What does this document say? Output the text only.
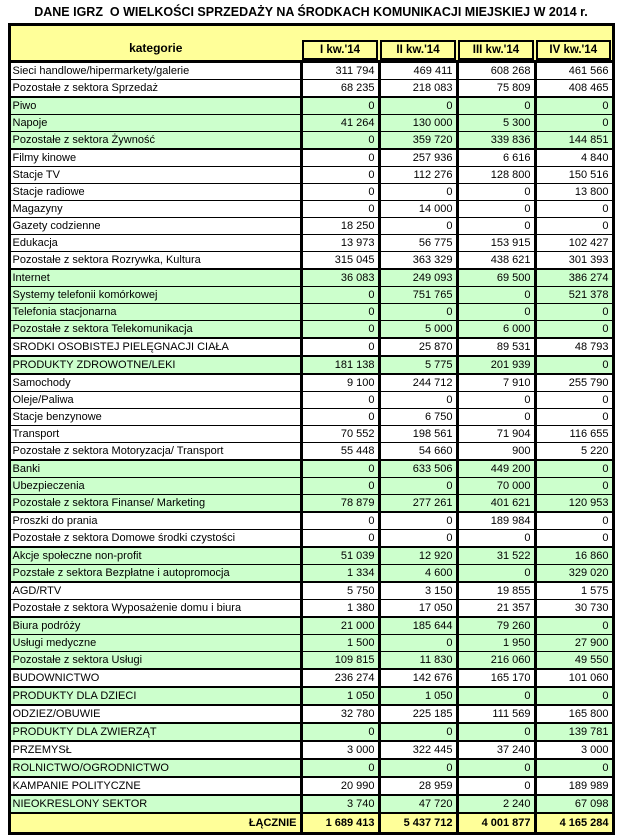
DANE IGRZ  O WIELKOŚCI SPRZEDAŻY NA ŚRODKACH KOMUNIKACJI MIEJSKIEJ W 2014 r.
kategorie	I kw.'14	II kw.'14	III kw.'14	IV kw.'14

Sieci handlowe/hipermarkety/galerie	311 794	469 411	608 268	461 566
Pozostałe z sektora Sprzedaż	68 235	218 083	75 809	408 465
Piwo	0	0	0	0
Napoje	41 264	130 000	5 300	0
Pozostałe z sektora Żywność	0	359 720	339 836	144 851
Filmy kinowe	0	257 936	6 616	4 840
Stacje TV	0	112 276	128 800	150 516
Stacje radiowe	0	0	0	13 800
Magazyny	0	14 000	0	0
Gazety codzienne	18 250	0	0	0
Edukacja	13 973	56 775	153 915	102 427
Pozostałe z sektora Rozrywka, Kultura	315 045	363 329	438 621	301 393
Internet	36 083	249 093	69 500	386 274
Systemy telefonii komórkowej	0	751 765	0	521 378
Telefonia stacjonarna	0	0	0	0
Pozostałe z sektora Telekomunikacja	0	5 000	6 000	0
SRODKI OSOBISTEJ PIELĘGNACJI CIAŁA	0	25 870	89 531	48 793
PRODUKTY ZDROWOTNE/LEKI	181 138	5 775	201 939	0
Samochody	9 100	244 712	7 910	255 790
Oleje/Paliwa	0	0	0	0
Stacje benzynowe	0	6 750	0	0
Transport	70 552	198 561	71 904	116 655
Pozostałe z sektora Motoryzacja/ Transport	55 448	54 660	900	5 220
Banki	0	633 506	449 200	0
Ubezpieczenia	0	0	70 000	0
Pozostałe z sektora Finanse/ Marketing	78 879	277 261	401 621	120 953
Proszki do prania	0	0	189 984	0
Pozostałe z sektora Domowe środki czystości	0	0	0	0
Akcje społeczne non-profit	51 039	12 920	31 522	16 860
Pozstałe z sektora Bezpłatne i autopromocja	1 334	4 600	0	329 020
AGD/RTV	5 750	3 150	19 855	1 575
Pozostałe z sektora Wyposażenie domu i biura	1 380	17 050	21 357	30 730
Biura podróży	21 000	185 644	79 260	0
Usługi medyczne	1 500	0	1 950	27 900
Pozostałe z sektora Usługi	109 815	11 830	216 060	49 550
BUDOWNICTWO	236 274	142 676	165 170	101 060
PRODUKTY DLA DZIECI	1 050	1 050	0	0
ODZIEZ/OBUWIE	32 780	225 185	111 569	165 800
PRODUKTY DLA ZWIERZĄT	0	0	0	139 781
PRZEMYSŁ	3 000	322 445	37 240	3 000
ROLNICTWO/OGRODNICTWO	0	0	0	0
KAMPANIE POLITYCZNE	20 990	28 959	0	189 989
NIEOKRESLONY SEKTOR	3 740	47 720	2 240	67 098
ŁĄCZNIE	1 689 413	5 437 712	4 001 877	4 165 284
